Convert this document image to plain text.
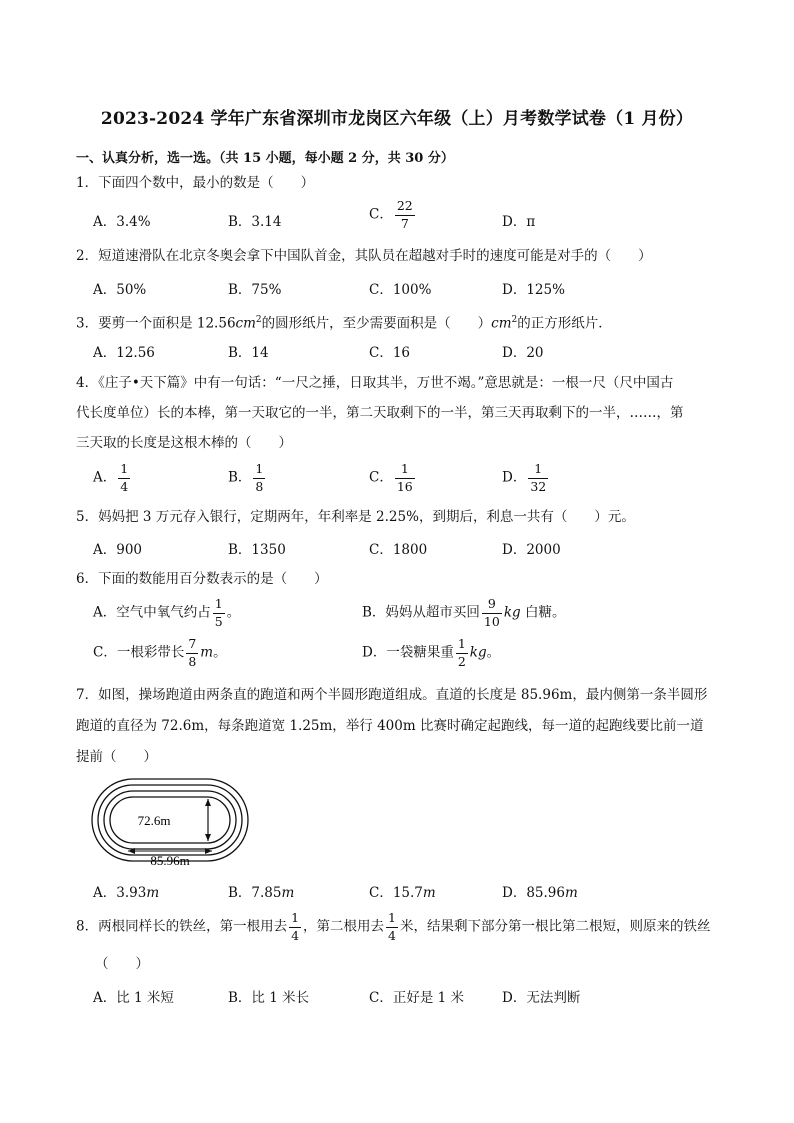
2023-2024 学年广东省深圳市龙岗区六年级（上）月考数学试卷（1 月份）
一、认真分析，选一选。（共 15 小题，每小题 2 分，共 30 分）
1．下面四个数中，最小的数是（　　）
A．3.4%	B．3.14	C． $\frac{22}{7}$	D．π
2．短道速滑队在北京冬奥会拿下中国队首金，其队员在超越对手时的速度可能是对手的（　　）
A．50%	B．75%	C．100%	D．125%
3．要剪一个面积是 $12.56cm^2$的圆形纸片，至少需要面积是（　　）$cm^2$的正方形纸片．
A．12.56	B．14	C．16	D．20
4．《庄子•天下篇》中有一句话：“一尺之捶，日取其半，万世不竭。”意思就是：一根一尺（尺中国古
代长度单位）长的本棒，第一天取它的一半，第二天取剩下的一半，第三天再取剩下的一半，……，第
三天取的长度是这根木棒的（　　）
A． $\frac{1}{4}$	B． $\frac{1}{8}$	C． $\frac{1}{16}$	D． $\frac{1}{32}$
5．妈妈把 3 万元存入银行，定期两年，年利率是 2.25%，到期后，利息一共有（　　）元。
A．900	B．1350	C．1800	D．2000
6．下面的数能用百分数表示的是（　　）
A．空气中氧气约占 $\frac{1}{5}$ 。	B．妈妈从超市买回 $\frac{9}{10}$ kg 白糖。
C．一根彩带长 $\frac{7}{8}$ m。	D．一袋糖果重 $\frac{1}{2}$ kg。
7．如图，操场跑道由两条直的跑道和两个半圆形跑道组成。直道的长度是 85.96m，最内侧第一条半圆形
跑道的直径为 72.6m，每条跑道宽 1.25m，举行 400m 比赛时确定起跑线，每一道的起跑线要比前一道
提前（　　）
72.6m
85.96m
A．3.93m	B．7.85m	C．15.7m	D．85.96m
8．两根同样长的铁丝，第一根用去 $\frac{1}{4}$ ，第二根用去 $\frac{1}{4}$ 米，结果剩下部分第一根比第二根短，则原来的铁丝
（　　）
A．比 1 米短	B．比 1 米长	C．正好是 1 米	D．无法判断
